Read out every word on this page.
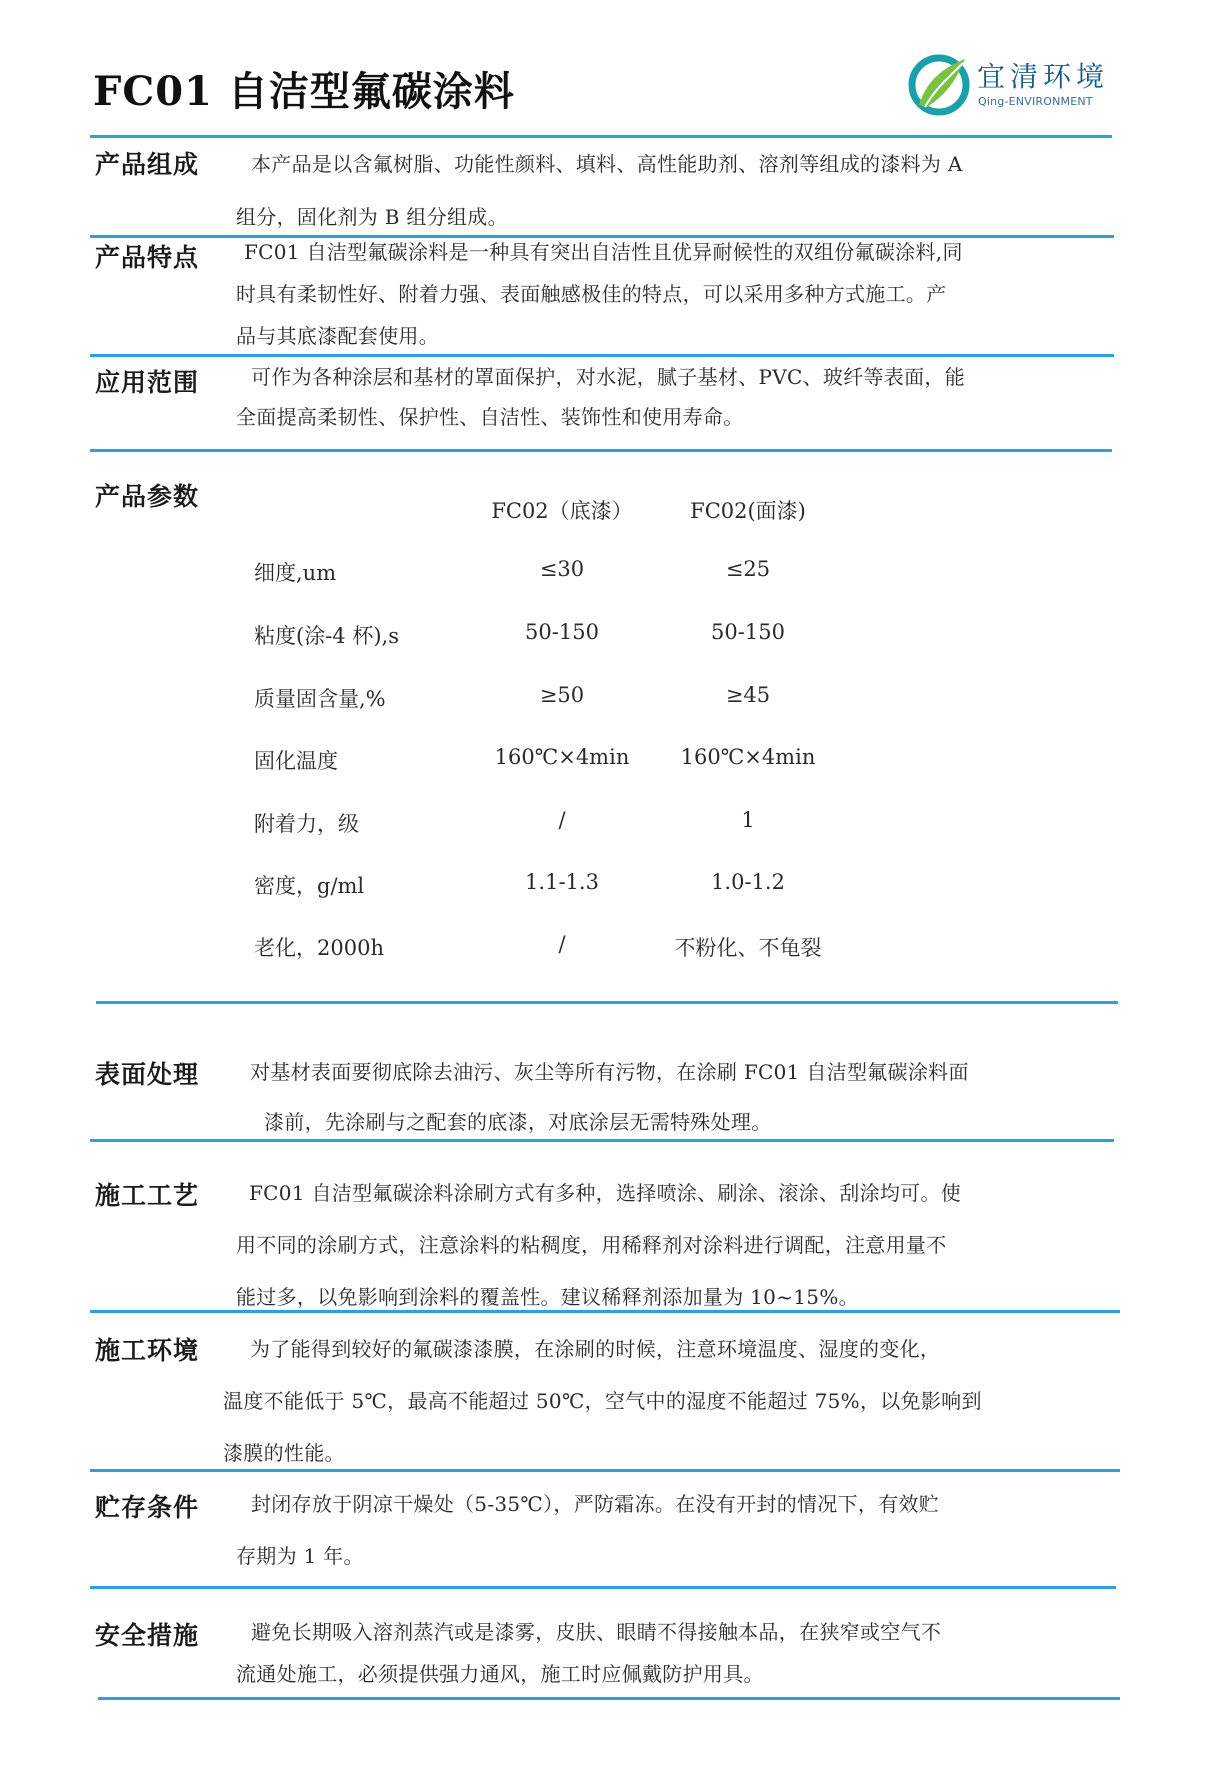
FC01 自洁型氟碳涂料	宜清环境
Qing-ENVIRONMENT
产品组成	本产品是以含氟树脂、功能性颜料、填料、高性能助剂、溶剂等组成的漆料为 A
组分，固化剂为 B 组分组成。
产品特点	FC01 自洁型氟碳涂料是一种具有突出自洁性且优异耐候性的双组份氟碳涂料,同
时具有柔韧性好、附着力强、表面触感极佳的特点，可以采用多种方式施工。产
品与其底漆配套使用。
应用范围	可作为各种涂层和基材的罩面保护，对水泥，腻子基材、PVC、玻纤等表面，能
全面提高柔韧性、保护性、自洁性、装饰性和使用寿命。
产品参数	FC02（底漆）	FC02(面漆)
细度,um	≤30	≤25
粘度(涂-4 杯),s	50-150	50-150
质量固含量,%	≥50	≥45
固化温度	160℃×4min	160℃×4min
附着力，级	/	1
密度，g/ml	1.1-1.3	1.0-1.2
老化，2000h	/	不粉化、不龟裂
表面处理	对基材表面要彻底除去油污、灰尘等所有污物，在涂刷 FC01 自洁型氟碳涂料面
漆前，先涂刷与之配套的底漆，对底涂层无需特殊处理。
施工工艺	FC01 自洁型氟碳涂料涂刷方式有多种，选择喷涂、刷涂、滚涂、刮涂均可。使
用不同的涂刷方式，注意涂料的粘稠度，用稀释剂对涂料进行调配，注意用量不
能过多，以免影响到涂料的覆盖性。建议稀释剂添加量为 10~15%。
施工环境	为了能得到较好的氟碳漆漆膜，在涂刷的时候，注意环境温度、湿度的变化，
温度不能低于 5℃，最高不能超过 50℃，空气中的湿度不能超过 75%，以免影响到
漆膜的性能。
贮存条件	封闭存放于阴凉干燥处（5-35℃），严防霜冻。在没有开封的情况下，有效贮
存期为 1 年。
安全措施	避免长期吸入溶剂蒸汽或是漆雾，皮肤、眼睛不得接触本品，在狭窄或空气不
流通处施工，必须提供强力通风，施工时应佩戴防护用具。
